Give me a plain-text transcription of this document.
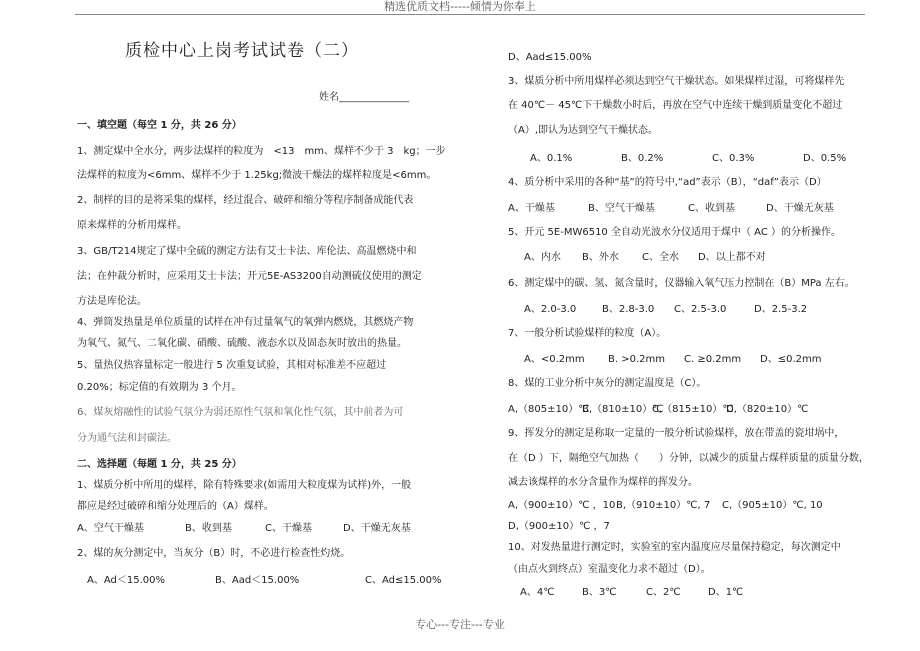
精选优质文档-----倾情为你奉上
质检中心上岗考试试卷（二）
姓名______________
一、填空题（每空 1 分，共 26 分）
1、测定煤中全水分，两步法煤样的粒度为　<13　mm、煤样不少于 3　kg；一步
法煤样的粒度为<6mm、煤样不少于 1.25kg;微波干燥法的煤样粒度是<6mm。
2、制样的目的是将采集的煤样，经过混合、破碎和缩分等程序制备成能代表
原来煤样的分析用煤样。
3、GB/T214规定了煤中全硫的测定方法有艾士卡法、库伦法、高温燃烧中和
法；在仲裁分析时，应采用艾士卡法；开元5E-AS3200自动测硫仪使用的测定
方法是库伦法。
4、弹筒发热量是单位质量的试样在冲有过量氧气的氧弹内燃烧，其燃烧产物
为氧气、氮气、二氧化碳、硝酸、硫酸、液态水以及固态灰时放出的热量。
5、量热仪热容量标定一般进行 5 次重复试验，其相对标准差不应超过
0.20%；标定值的有效期为 3 个月。
6、煤灰熔融性的试验气氛分为弱还原性气氛和氧化性气氛，其中前者为可
分为通气法和封碳法。
二、选择题（每题 1 分，共 25 分）
1、煤质分析中所用的煤样，除有特殊要求(如需用大粒度煤为试样)外，一般
都应是经过破碎和缩分处理后的（A）煤样。
A、空气干燥基	B、收到基	C、干燥基	D、干燥无灰基
2、煤的灰分测定中，当灰分（B）时，不必进行检查性灼烧。
A、Ad＜15.00%	B、Aad＜15.00%	C、Ad≤15.00%
D、Aad≤15.00%
3、煤质分析中所用煤样必须达到空气干燥状态。如果煤样过湿，可将煤样先
在 40℃－ 45℃下干燥数小时后，再放在空气中连续干燥到质量变化不超过
（A）,即认为达到空气干燥状态。
A、0.1%	B、0.2%	C、0.3%	D、0.5%
4、质分析中采用的各种“基”的符号中,“ad”表示（B），“daf”表示（D）
A、干燥基	B、空气干燥基	C、收到基	D、干燥无灰基
5、开元 5E-MW6510 全自动光波水分仪适用于煤中（ AC ）的分析操作。
A、内水	B、外水	C、全水	D、以上都不对
6、测定煤中的碳、氢、氮含量时，仪器输入氧气压力控制在（B）MPa 左右。
A、2.0-3.0	B、2.8-3.0	C、2.5-3.0	D、2.5-3.2
7、一般分析试验煤样的粒度（A）。
A、<0.2mm	B. >0.2mm	C. ≥0.2mm	D、≤0.2mm
8、煤的工业分析中灰分的测定温度是（C）。
A,（805±10）℃
B,（810±10）℃
C,（815±10）℃
D,（820±10）℃
9、挥发分的测定是称取一定量的一般分析试验煤样，放在带盖的瓷坩埚中，
在（D ）下，隔绝空气加热（　　）分钟，以减少的质量占煤样质量的质量分数，
减去该煤样的水分含量作为煤样的挥发分。
A,（900±10）℃ ，10 B,（910±10）℃, 7	C,（905±10）℃, 10
D,（900±10）℃ ，7
10、对发热量进行测定时，实验室的室内温度应尽量保持稳定，每次测定中
（由点火到终点）室温变化力求不超过（D）。
A、4℃	B、3℃	C、2℃	D、1℃
专心---专注---专业
